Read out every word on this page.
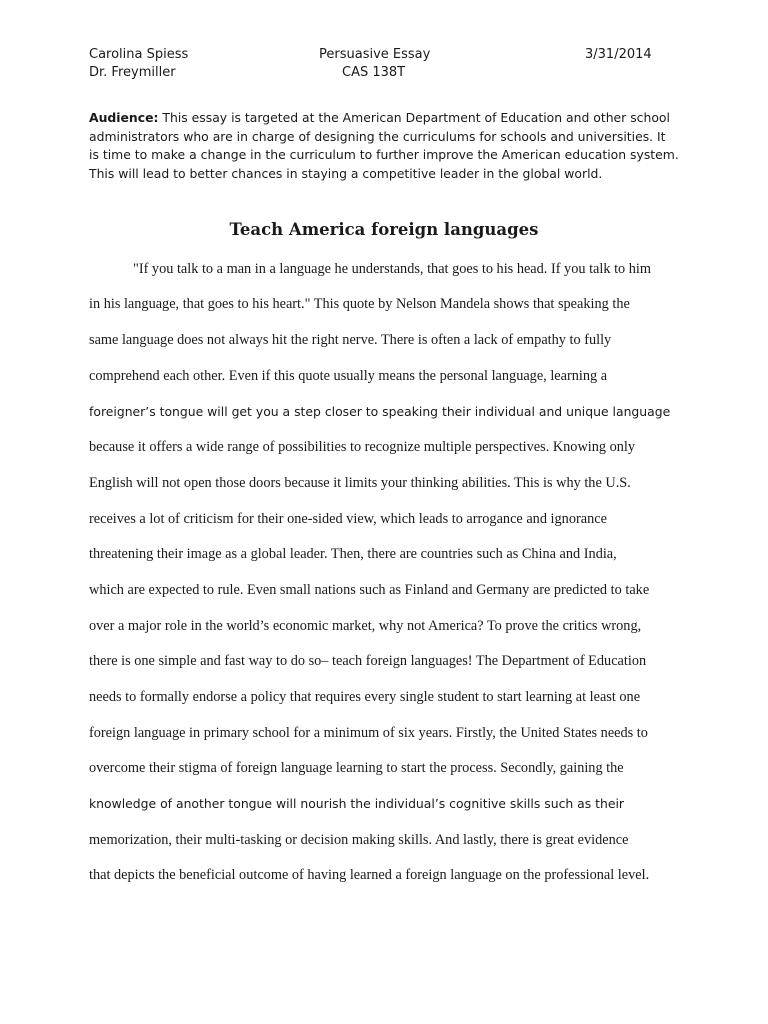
Carolina Spiess
Dr. Freymiller
Persuasive Essay
CAS 138T
3/31/2014

Audience: This essay is targeted at the American Department of Education and other school administrators who are in charge of designing the curriculums for schools and universities. It is time to make a change in the curriculum to further improve the American education system. This will lead to better chances in staying a competitive leader in the global world.

Teach America foreign languages

"If you talk to a man in a language he understands, that goes to his head. If you talk to him

in his language, that goes to his heart." This quote by Nelson Mandela shows that speaking the

same language does not always hit the right nerve. There is often a lack of empathy to fully

comprehend each other. Even if this quote usually means the personal language, learning a

foreigner’s tongue will get you a step closer to speaking their individual and unique language

because it offers a wide range of possibilities to recognize multiple perspectives. Knowing only

English will not open those doors because it limits your thinking abilities. This is why the U.S.

receives a lot of criticism for their one-sided view, which leads to arrogance and ignorance

threatening their image as a global leader. Then, there are countries such as China and India,

which are expected to rule. Even small nations such as Finland and Germany are predicted to take

over a major role in the world’s economic market, why not America? To prove the critics wrong,

there is one simple and fast way to do so– teach foreign languages! The Department of Education

needs to formally endorse a policy that requires every single student to start learning at least one

foreign language in primary school for a minimum of six years. Firstly, the United States needs to

overcome their stigma of foreign language learning to start the process. Secondly, gaining the

knowledge of another tongue will nourish the individual’s cognitive skills such as their

memorization, their multi-tasking or decision making skills. And lastly, there is great evidence

that depicts the beneficial outcome of having learned a foreign language on the professional level.
